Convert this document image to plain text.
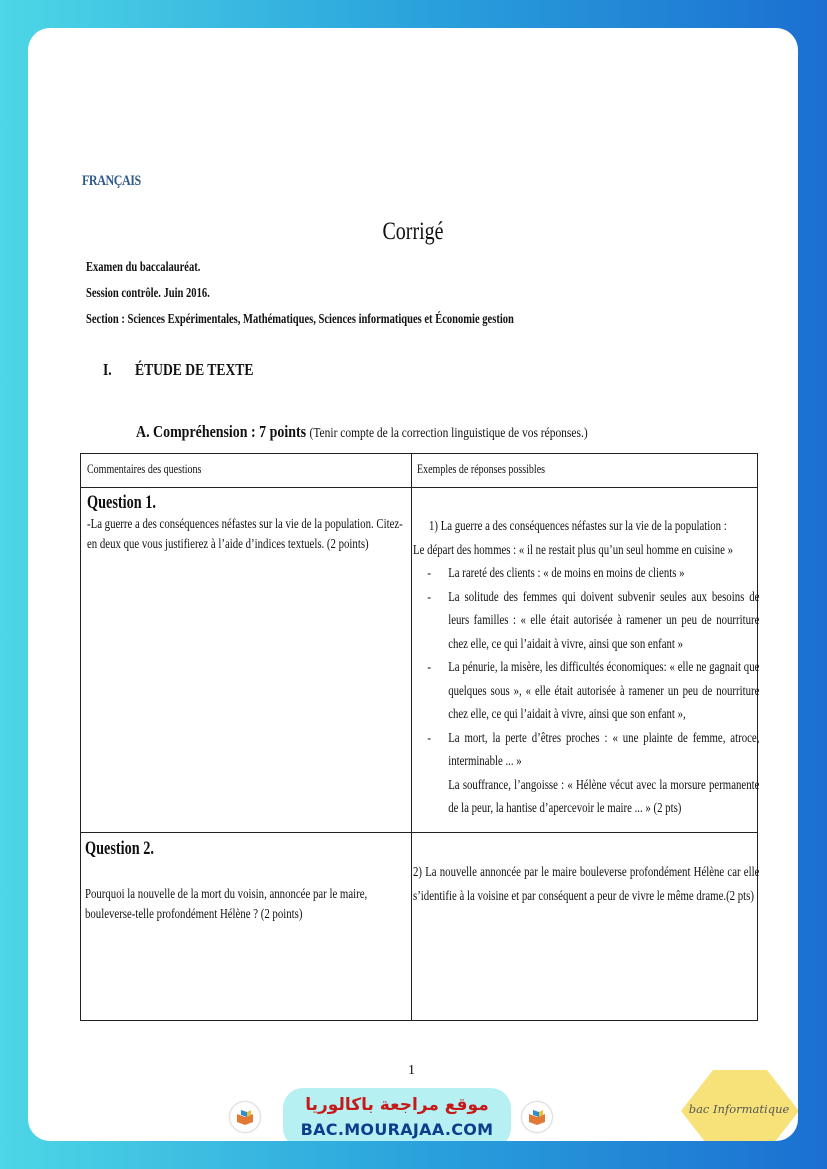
FRANÇAIS
Corrigé
Examen du baccalauréat.
Session contrôle. Juin 2016.
Section : Sciences Expérimentales, Mathématiques, Sciences informatiques et Économie gestion
I. ÉTUDE DE TEXTE
A. Compréhension : 7 points (Tenir compte de la correction linguistique de vos réponses.)
Commentaires des questions	Exemples de réponses possibles
Question 1.
-La guerre a des conséquences néfastes sur la vie de la population. Citez-en deux que vous justifierez à l’aide d’indices textuels. (2 points)
1) La guerre a des conséquences néfastes sur la vie de la population :
Le départ des hommes : « il ne restait plus qu’un seul homme en cuisine »
- La rareté des clients : « de moins en moins de clients »
- La solitude des femmes qui doivent subvenir seules aux besoins de leurs familles : « elle était autorisée à ramener un peu de nourriture chez elle, ce qui l’aidait à vivre, ainsi que son enfant »
- La pénurie, la misère, les difficultés économiques: « elle ne gagnait que quelques sous », « elle était autorisée à ramener un peu de nourriture chez elle, ce qui l’aidait à vivre, ainsi que son enfant »,
- La mort, la perte d’êtres proches : « une plainte de femme, atroce, interminable ... »
La souffrance, l’angoisse : « Hélène vécut avec la morsure permanente de la peur, la hantise d’apercevoir le maire ... » (2 pts)
Question 2.
Pourquoi la nouvelle de la mort du voisin, annoncée par le maire, bouleverse-telle profondément Hélène ? (2 points)
2) La nouvelle annoncée par le maire bouleverse profondément Hélène car elle s’identifie à la voisine et par conséquent a peur de vivre le même drame.(2 pts)
1
موقع مراجعة باكالوريا
BAC.MOURAJAA.COM
bac Informatique
